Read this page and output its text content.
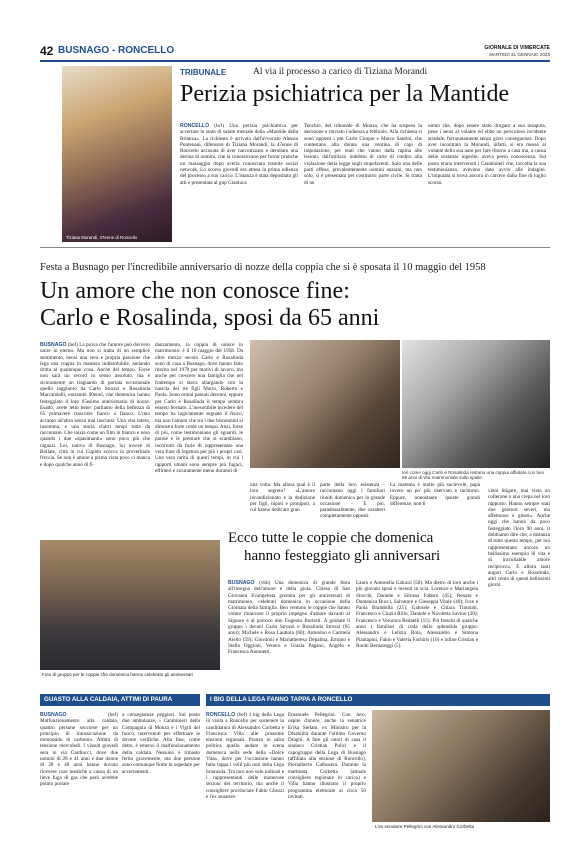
42 BUSNAGO - RONCELLO	GIORNALE DI VIMERCATE
MARTEDÌ 31 GENNAIO 2023
Tiziana Morandi, 47enne di Roncello
TRIBUNALE	Al via il processo a carico di Tiziana Morandi
Perizia psichiatrica per la Mantide
RONCELLO (bcl) Una perizia psichiatrica per accertare lo stato di salute mentale della «Mantide della Brianza». La richiesta è arrivata dall'avvocato Alessia Pontenani, difensore di Tiziana Morandi, la 47enne di Roncello accusata di aver narcotizzato e derubato una decina di uomini, che la conoscevano per fornir pratiche un massaggio dopo averla conosciuta tramite social network. Lo scorso giovedì era attesa la prima udienza del processo a suo carico. L'istanza è stata depositata gli atti e presentata al gup Gianluca
Tenchio, del tribunale di Monza, che ha sospeso la decisione e rinviato l'udienza a febbraio. Alla richiesta si sono opposti i pm Carlo Cinque e Marco Santini, che contestano alla donna una ventina di capi di imputazione, per reati che vanno dalla rapina alle lesioni, dall'utilizzo indebito di carte di credito alla violazione della legge sugli stupefacenti. Solo una delle parti offese, prevalentemente uomini anziani, ma non solo, si è presentata per costituirsi parte civile. Si tratta di un
uomo che, dopo essere stato drogato a sua insaputa, pene i sensi al volante ed ebbe un pericoloso incidente stradale, fortunatamente senza gravi conseguenze. Dopo aver incontrato la Morandi, infatti, si era messo al volante della sua auto per fare ritorno a casa ma, a causa delle sostanze ingerite, aveva perso conoscenza. Sul posto erano intervenuti i Carabinieri che, raccolta la sua testimonianza, avevano dato avvio alle indagini. L'imputata si trova ancora in carcere dalla fine di luglio scorso.
Festa a Busnago per l'incredibile anniversario di nozze della coppia che si è sposata il 10 maggio del 1958
Un amore che non conosce fine:
Carlo e Rosalinda, sposi da 65 anni
BUSNAGO (bef) La prova che l'amore può davvero unire in eterno. Ma non si tratta di un semplice sentimento, bensì una vera e propria passione che lega una coppia in maniera indissolubile, andando dritta al qualunque cosa. Anche del tempo. Forse non sarà un record in senso assoluto, ma è sicuramente un traguardo di portata eccezionale quello raggiunto da Carlo Strozzi e Rosalinda Marcandalli, entrambi 90enni, che domenica hanno festeggiato il loro 65esimo anniversario di nozze. Esatto, avete letto bene: parliamo della bellezza di 65 primavere trascorse fianco a fianco. L'uno accanto all'altra senza mai lasciarsi. Una vita intera, insomma, e una storia d'altri tempi tutta da raccontare. Che inizia come un film in bianco e nero quando i due «spasimanti» sono poco più che ragazzi. Lei, nativa di Busnago, lui invece di Bollate, città in cui Cupido scocca la proverbiale freccia. Se non è amore a prima vista poco ci manca e dopo qualche anno di fi-
danzamento, la coppia di unisce in matrimonio: è il 10 maggio del 1958. Da oltre mezzo secolo Carlo e Rosalinda sono di casa a Busnago, dove hanno fatto ritorno nel 1970 per motivi di lavoro, ma anche per crescere una famiglia che nel frattempo si stava allargando con la nascita dei tre figli Mario, Roberto e Paola. Sono ormai passati decenni, eppure per Carlo e Rosalinda il tempo sembra essersi fermato. L'inesorabile incedere del tempo ha logicamente segnato il fisico, ma non l'amore che tra i due bisnonnini si dimostra forte come un tempo. Anzi, forse di più, come testimoniano gli sguardi, le parole e le premure che si scambiano, incorrotti da furie di rappresentare una vera fune di legatura per più i propri cari. Una vera rarità di questi tempi, in cui i rapporti umani sono sempre più fugaci, effimeri e sicuramente meno duraturi di	Ieri come oggi Carlo e Rosalinda restano una coppia affiatata con ben 65 anni di vita matrimoniale sulle spalle
una volta. Ma allora qual è il loro segreto? «L'amore incondizionato e la dedizione per figli, nipoti e pronipoti, a cui hanno dedicato gran
parte della loro esistenza - raccontano oggi i familiari riuniti domenica per la grande occasione - E poi, paradossalmente, due caratteri completamente opposti.
La mamma è molto più socievole, papà invece un po' più riservato e taciturno. Eppure, nonostante queste grandi differenze, non li
vieni litigare, mai visto un collerone o una crepa nel loro rapporto. Hanno sempre stati due genitori severi, ma affettuoso e giusti». Anche oggi che hanno da poco festeggiato l'loro 90 anni, il dobbiamo dire che, a distanza di tutto questo tempo, per noi rappresentano ancora un bellissimo esempio di vita e di incrollabile amore reciproco». E allora tanti auguri Carlo e Rosalinda, altri cento di questi bellissimi giorni.
Foto di gruppo per le coppie che domenica hanno celebrato gli anniversari
Ecco tutte le coppie che domenica
hanno festeggiato gli anniversari
BUSNAGO (vbb) Una domenica di grande festa all'insegna dell'amore e della gioia. Chiesa di San Giovanni Evangelista gremita per gli anniversari di matrimonio, celebrati domenica in occasione della Giornata della famiglia. Ben ventuno le coppie che hanno voluto rinnovare il proprio impegno d'amore davanti al Signore e al parroco don Eugenio Bortotti. A guidare il gruppo i decani Carlo Strozzi e Rosalinda Strozzi (65 anni); Michele e Rosa Lauttola (60); Antonino e Carmela Aiello (59); Giovanni e Mariatheresa Depalma, Ermino e Stella Oggioni, Venero e Grazia Pagano, Angelo e Francesca Antonetti,
Lauro e Antonella Galuzzi (50). Ma dietro di loro anche i più giovani sposi e recenti in scia. Lorenzo e Mariangela Stucchi, Daniele e Silvana Fabbro (45); Renato e Domenica Bucci, Salvatore e Giuseppa Vitale (40); Ivan e Paola Brambilla (25); Gabriele e Chiara Timolati, Francesco e Cinzia Rillo, Daniele e Nicoletta Savino (20); Francesco e Veronica Redaelli (15). Più freschi di qualche anno i familiari di coda dello splendido gruppo: Alessandro e Letizia Rota, Alessandro e Simona Piantapini, Fabio e Valeria Fachiris (10) e infine Cristian e Roohi Bernareggi (5).
GUASTO ALLA CALDAIA, ATTIMI DI PAURA
BUSNAGO	(bef) Malfunzionamento alla caldaia, quattro persone soccorse per un principio di intossicazione da monossido di carbonio. Attimi di tensione mercoledì. I vissuti giovedì sera in via Cardiucci, dove due uomini di 28 e 41 anni e due donne di 28 e 48 anni hanno dovuto ricevere cure mediche a causa di un lieve fuga di gas che però avrebbe potuto portare
a conseguenze peggiori. Sul posto due ambulanze, i Carabinieri della Compagnia di Monza e i Vigili del fuoco, intervenuti per effettuare le dovute verifiche. Alla fine, come detto, è emerso il malfunzionamento della caldaia. Nessuno è rimasto ferito gravemente, ma due persone sono comunque finite in ospedale per accertamenti.
I BIG DELLA LEGA FANNO TAPPA A RONCELLO
RONCELLO (bef) I big della Lega in visita a Roncello per sostenere la candidatura di Alessandro Corbetta e Francesca Villa alle prossime elezioni regionali. Pranzo in salsa politica quello andato in scena domenica nella sede della «Dolce Vita», dove per l'occasione hanno fatto tappa i volti più noti della Lega brianzola. Tra loro non solo indicati e i rappresentanti delle numerose sezioni del territorio, ma anche il consigliere provinciale Fabio Ghezzi e l'ex senatore
Emanuele Pellegrini. Con loro, ospite d'onore, anche la senatrice Erika Stefani, ex Ministro per la Disabilità durante l'ultimo Governo Draghi. A fare gli onori di casa il sindaco Cristian Pulici e il capogruppo della Lega di Busnago (affiliata alla sezione di Roncello), Pierialberto Galbusera. Durante la mattinata Corbetta (attuale consigliere regionale in carica) e Villa hanno illustrato il proprio programma elettorale ai circa 50 invitati.
L'ex senatore Pellegrini con Alessandro Corbetta
